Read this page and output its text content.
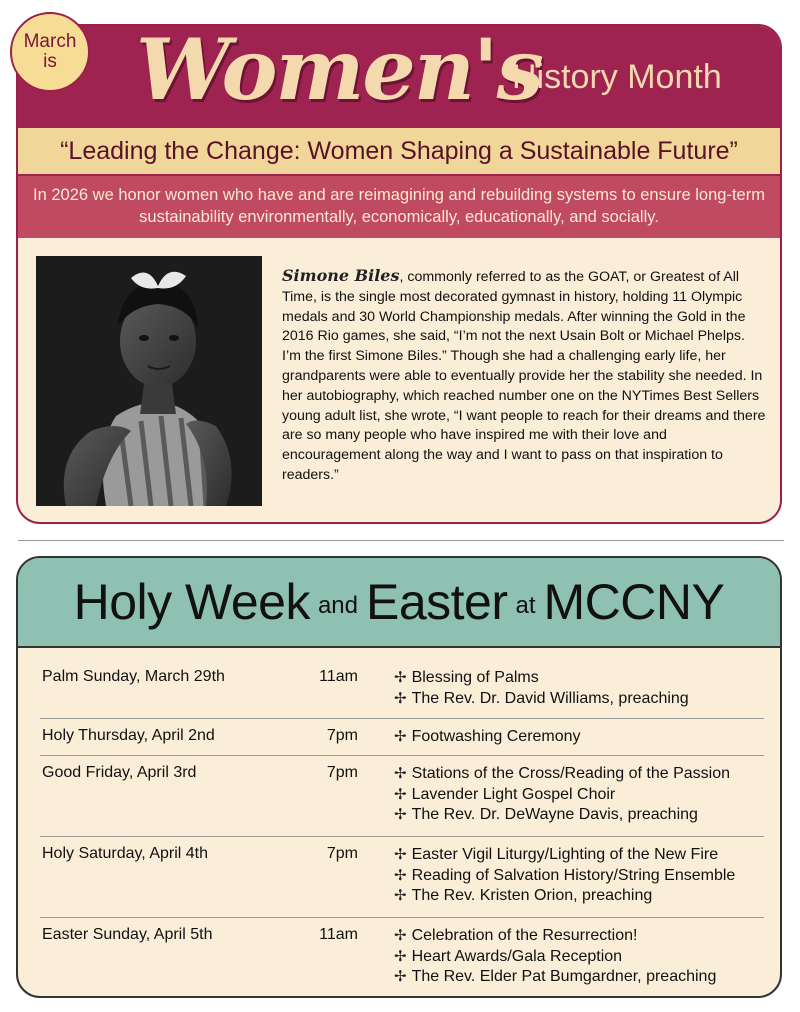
Women's
History Month
“Leading the Change: Women Shaping a Sustainable Future”
In 2026 we honor women who have and are reimagining and rebuilding systems to ensure long-term sustainability environmentally, economically, educationally, and socially.
Simone Biles, commonly referred to as the GOAT, or Greatest of All Time, is the single most decorated gymnast in history, holding 11 Olympic medals and 30 World Championship medals. After winning the Gold in the 2016 Rio games, she said, “I’m not the next Usain Bolt or Michael Phelps. I’m the first Simone Biles.” Though she had a challenging early life, her grandparents were able to eventually provide her the stability she needed. In her autobiography, which reached number one on the NYTimes Best Sellers young adult list, she wrote, “I want people to reach for their dreams and there are so many people who have inspired me with their love and encouragement along the way and I want to pass on that inspiration to readers.”
March
is
Holy Week and Easter at MCCNY
Palm Sunday, March 29th	11am ✢ Blessing of Palms
✢ The Rev. Dr. David Williams, preaching
Holy Thursday, April 2nd	7pm ✢ Footwashing Ceremony
Good Friday, April 3rd	7pm ✢ Stations of the Cross/Reading of the Passion
✢ Lavender Light Gospel Choir
✢ The Rev. Dr. DeWayne Davis, preaching
Holy Saturday, April 4th	7pm ✢ Easter Vigil Liturgy/Lighting of the New Fire
✢ Reading of Salvation History/String Ensemble
✢ The Rev. Kristen Orion, preaching
Easter Sunday, April 5th	11am ✢ Celebration of the Resurrection!
✢ Heart Awards/Gala Reception
✢ The Rev. Elder Pat Bumgardner, preaching
